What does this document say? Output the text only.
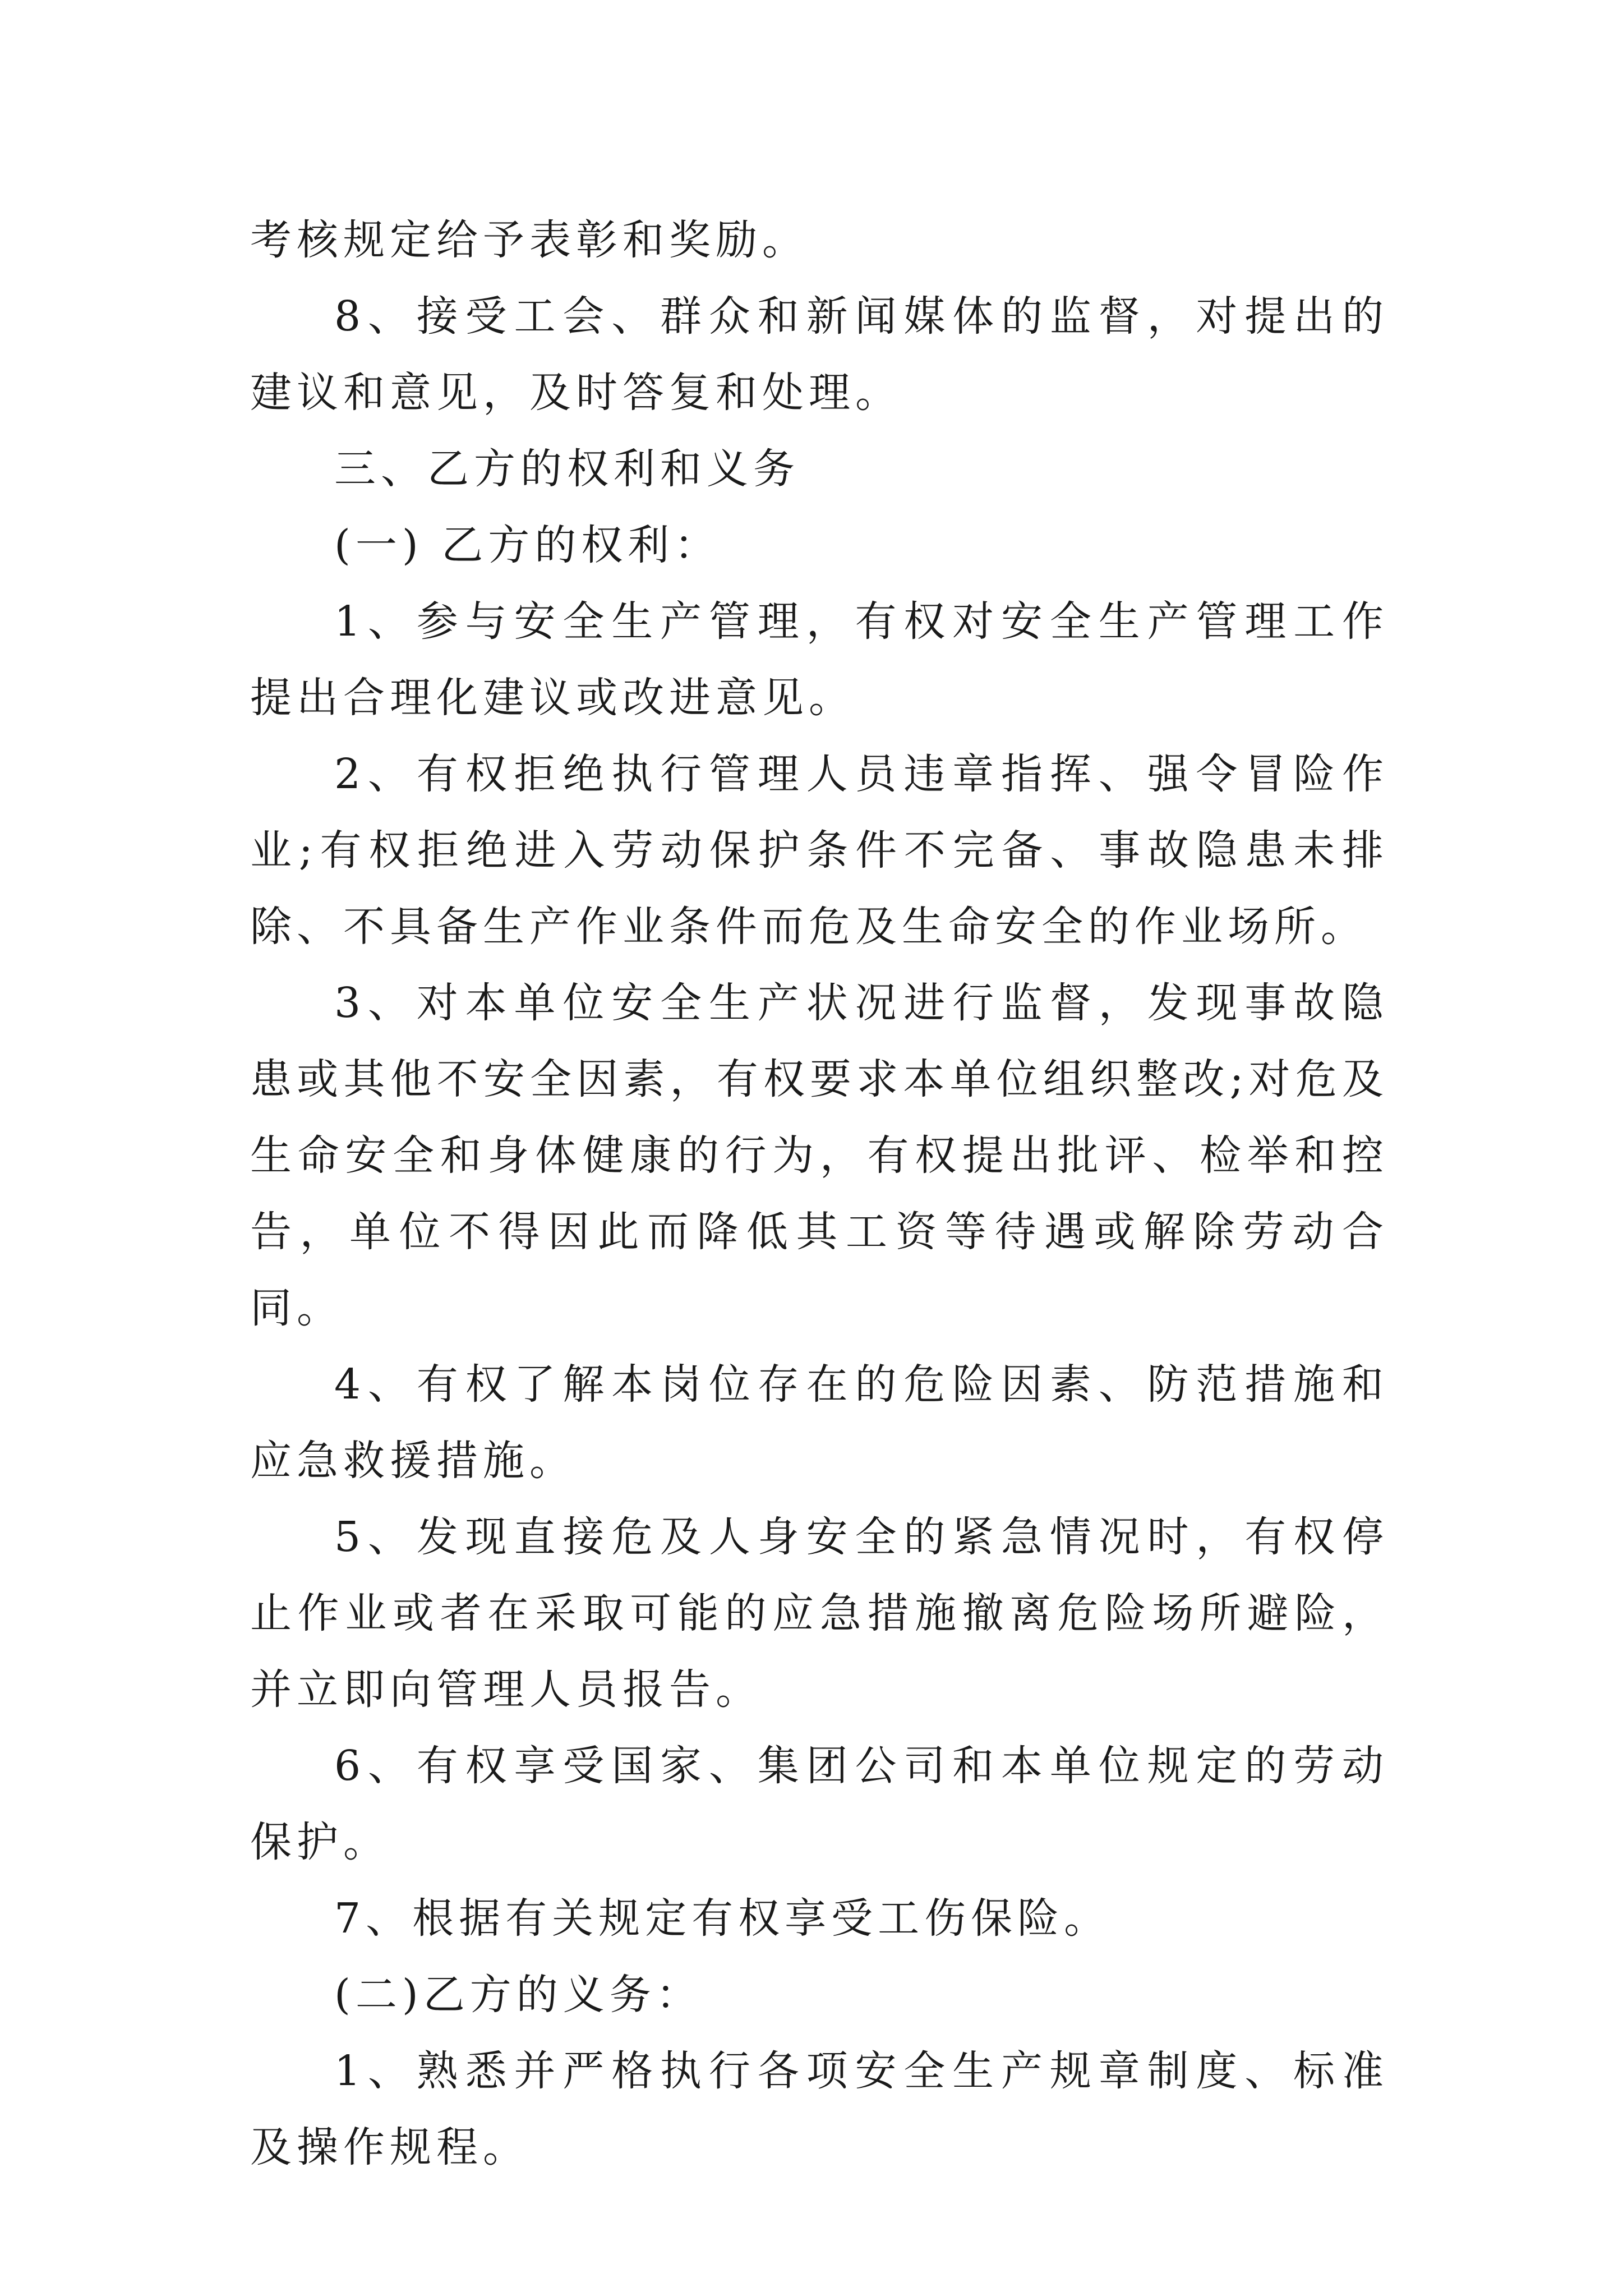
考核规定给予表彰和奖励。

8、接受工会、群众和新闻媒体的监督，对提出的建议和意见，及时答复和处理。

三、乙方的权利和义务

(一) 乙方的权利：

1、参与安全生产管理，有权对安全生产管理工作提出合理化建议或改进意见。

2、有权拒绝执行管理人员违章指挥、强令冒险作业;有权拒绝进入劳动保护条件不完备、事故隐患未排除、不具备生产作业条件而危及生命安全的作业场所。

3、对本单位安全生产状况进行监督，发现事故隐患或其他不安全因素，有权要求本单位组织整改;对危及生命安全和身体健康的行为，有权提出批评、检举和控告，单位不得因此而降低其工资等待遇或解除劳动合同。

4、有权了解本岗位存在的危险因素、防范措施和应急救援措施。

5、发现直接危及人身安全的紧急情况时，有权停止作业或者在采取可能的应急措施撤离危险场所避险，并立即向管理人员报告。

6、有权享受国家、集团公司和本单位规定的劳动保护。

7、根据有关规定有权享受工伤保险。

(二)乙方的义务：

1、熟悉并严格执行各项安全生产规章制度、标准及操作规程。
